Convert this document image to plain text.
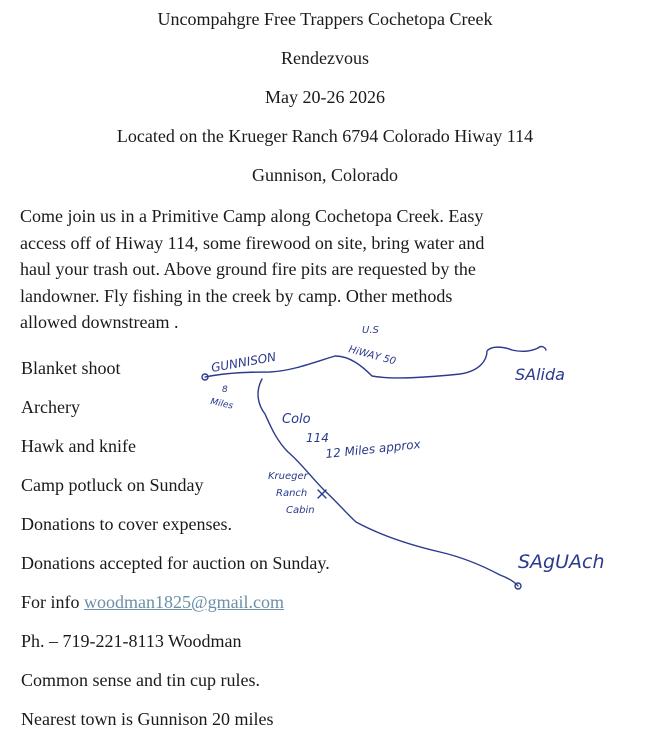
Uncompahgre Free Trappers Cochetopa Creek
Rendezvous
May 20-26 2026
Located on the Krueger Ranch 6794 Colorado Hiway 114
Gunnison, Colorado
Come join us in a Primitive Camp along Cochetopa Creek. Easy
access off of Hiway 114, some firewood on site, bring water and
haul your trash out. Above ground fire pits are requested by the
landowner. Fly fishing in the creek by camp. Other methods
allowed downstream .
Blanket shoot
Archery
Hawk and knife
Camp potluck on Sunday
Donations to cover expenses.
Donations accepted for auction on Sunday.
For info woodman1825@gmail.com
Ph. – 719-221-8113 Woodman
Common sense and tin cup rules.
Nearest town is Gunnison 20 miles
GUNNISON
U.S
HiWAY 50
SAlida
8
Miles
Colo
114
12 Miles approx
Krueger
Ranch
Cabin
SAgUAch
